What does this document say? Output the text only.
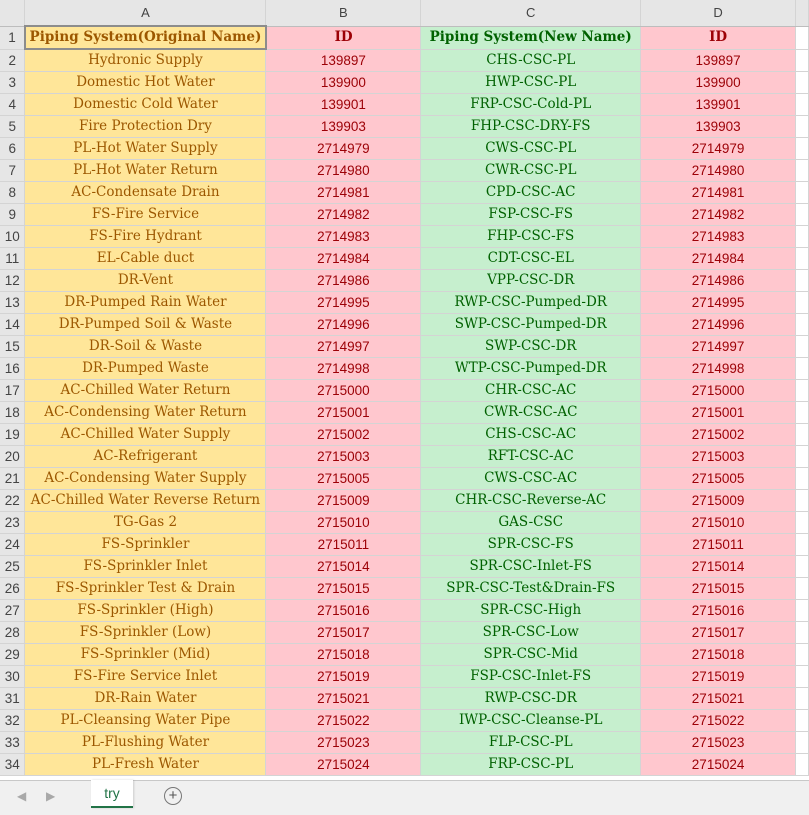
	A	B	C	D	
1	Piping System(Original Name)	ID	Piping System(New Name)	ID	
2	Hydronic Supply	139897	CHS-CSC-PL	139897	
3	Domestic Hot Water	139900	HWP-CSC-PL	139900	
4	Domestic Cold Water	139901	FRP-CSC-Cold-PL	139901	
5	Fire Protection Dry	139903	FHP-CSC-DRY-FS	139903	
6	PL-Hot Water Supply	2714979	CWS-CSC-PL	2714979	
7	PL-Hot Water Return	2714980	CWR-CSC-PL	2714980	
8	AC-Condensate Drain	2714981	CPD-CSC-AC	2714981	
9	FS-Fire Service	2714982	FSP-CSC-FS	2714982	
10	FS-Fire Hydrant	2714983	FHP-CSC-FS	2714983	
11	EL-Cable duct	2714984	CDT-CSC-EL	2714984	
12	DR-Vent	2714986	VPP-CSC-DR	2714986	
13	DR-Pumped Rain Water	2714995	RWP-CSC-Pumped-DR	2714995	
14	DR-Pumped Soil & Waste	2714996	SWP-CSC-Pumped-DR	2714996	
15	DR-Soil & Waste	2714997	SWP-CSC-DR	2714997	
16	DR-Pumped Waste	2714998	WTP-CSC-Pumped-DR	2714998	
17	AC-Chilled Water Return	2715000	CHR-CSC-AC	2715000	
18	AC-Condensing Water Return	2715001	CWR-CSC-AC	2715001	
19	AC-Chilled Water Supply	2715002	CHS-CSC-AC	2715002	
20	AC-Refrigerant	2715003	RFT-CSC-AC	2715003	
21	AC-Condensing Water Supply	2715005	CWS-CSC-AC	2715005	
22	AC-Chilled Water Reverse Return	2715009	CHR-CSC-Reverse-AC	2715009	
23	TG-Gas 2	2715010	GAS-CSC	2715010	
24	FS-Sprinkler	2715011	SPR-CSC-FS	2715011	
25	FS-Sprinkler Inlet	2715014	SPR-CSC-Inlet-FS	2715014	
26	FS-Sprinkler Test & Drain	2715015	SPR-CSC-Test&Drain-FS	2715015	
27	FS-Sprinkler (High)	2715016	SPR-CSC-High	2715016	
28	FS-Sprinkler (Low)	2715017	SPR-CSC-Low	2715017	
29	FS-Sprinkler (Mid)	2715018	SPR-CSC-Mid	2715018	
30	FS-Fire Service Inlet	2715019	FSP-CSC-Inlet-FS	2715019	
31	DR-Rain Water	2715021	RWP-CSC-DR	2715021	
32	PL-Cleansing Water Pipe	2715022	IWP-CSC-Cleanse-PL	2715022	
33	PL-Flushing Water	2715023	FLP-CSC-PL	2715023	
34	PL-Fresh Water	2715024	FRP-CSC-PL	2715024	
◀ ▶	try	+
